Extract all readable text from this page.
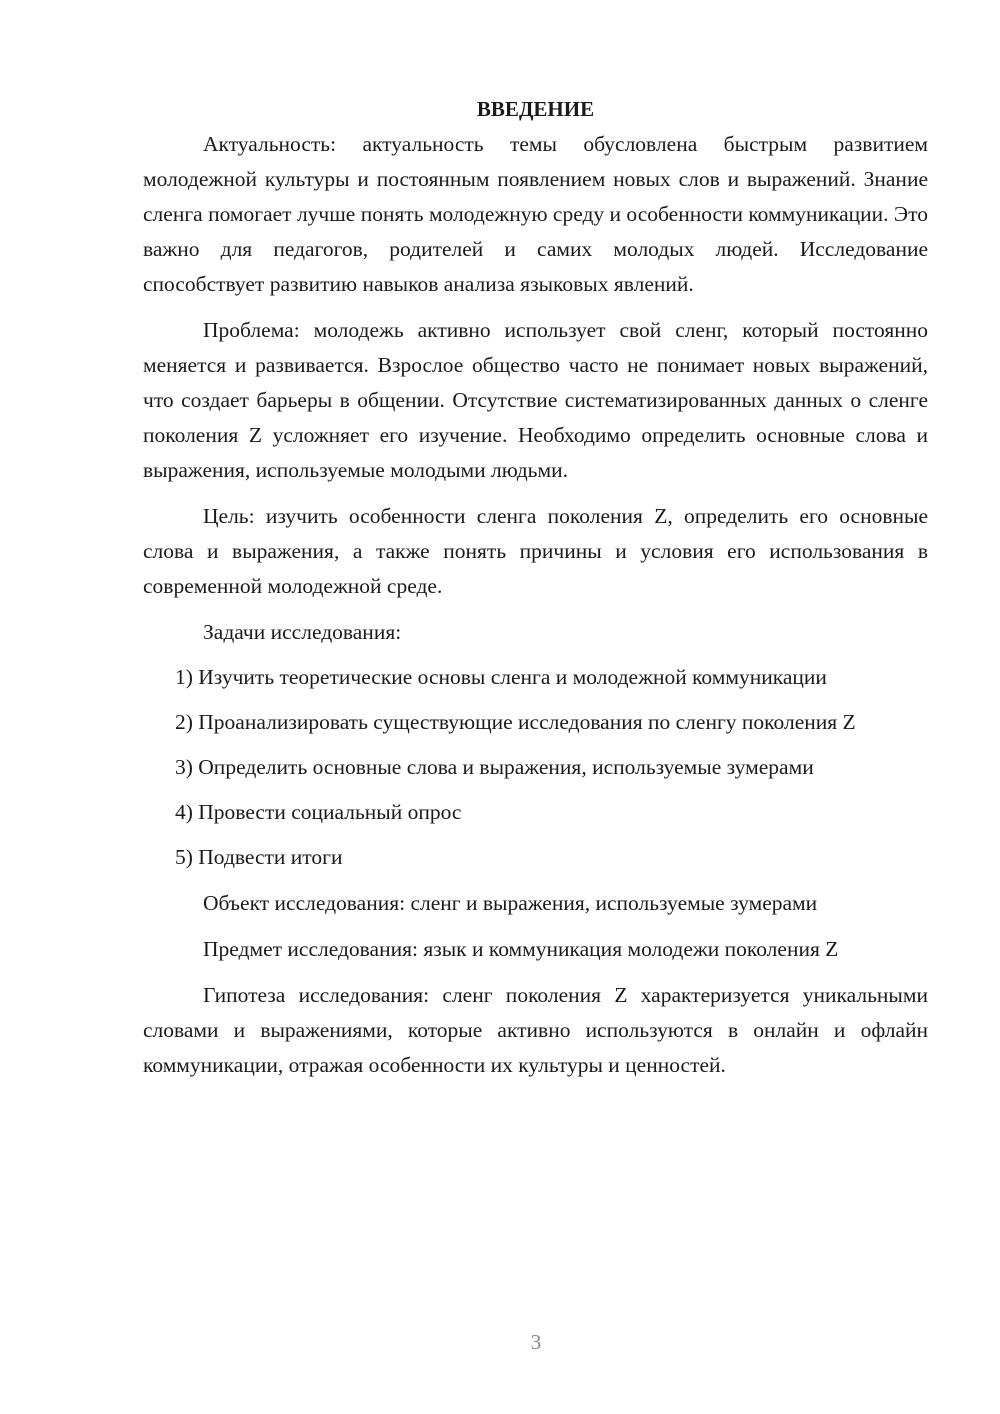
ВВЕДЕНИЕ

Актуальность: актуальность темы обусловлена быстрым развитием молодежной культуры и постоянным появлением новых слов и выражений. Знание сленга помогает лучше понять молодежную среду и особенности коммуникации. Это важно для педагогов, родителей и самих молодых людей. Исследование способствует развитию навыков анализа языковых явлений.

Проблема: молодежь активно использует свой сленг, который постоянно меняется и развивается. Взрослое общество часто не понимает новых выражений, что создает барьеры в общении. Отсутствие систематизированных данных о сленге поколения Z усложняет его изучение. Необходимо определить основные слова и выражения, используемые молодыми людьми.

Цель: изучить особенности сленга поколения Z, определить его основные слова и выражения, а также понять причины и условия его использования в современной молодежной среде.

Задачи исследования:

1) Изучить теоретические основы сленга и молодежной коммуникации

2) Проанализировать существующие исследования по сленгу поколения Z

3) Определить основные слова и выражения, используемые зумерами

4) Провести социальный опрос

5) Подвести итоги

Объект исследования: сленг и выражения, используемые зумерами

Предмет исследования: язык и коммуникация молодежи поколения Z

Гипотеза исследования: сленг поколения Z характеризуется уникальными словами и выражениями, которые активно используются в онлайн и офлайн коммуникации, отражая особенности их культуры и ценностей.

3
